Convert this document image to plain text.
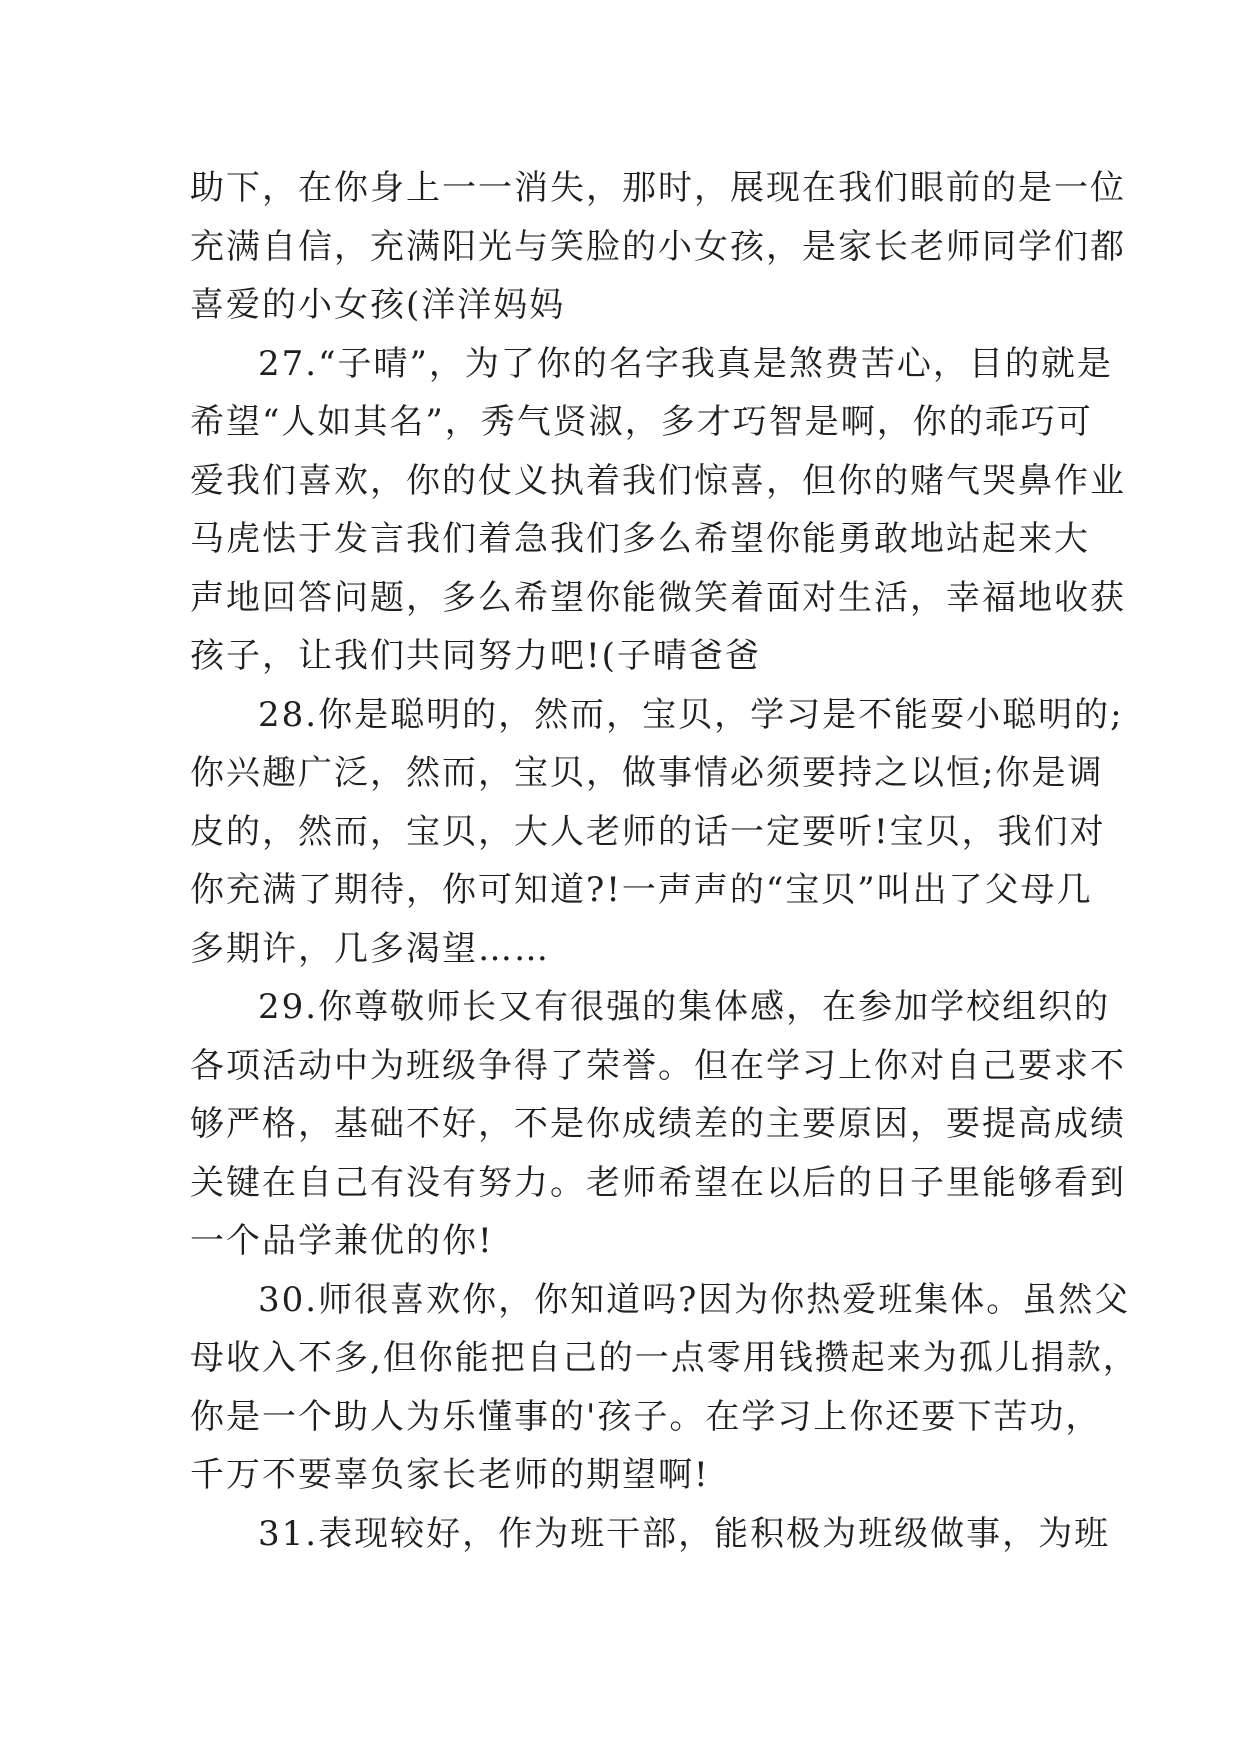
助下，在你身上一一消失，那时，展现在我们眼前的是一位
充满自信，充满阳光与笑脸的小女孩，是家长老师同学们都
喜爱的小女孩(洋洋妈妈

27.“子晴”，为了你的名字我真是煞费苦心，目的就是
希望“人如其名”，秀气贤淑，多才巧智是啊，你的乖巧可
爱我们喜欢，你的仗义执着我们惊喜，但你的赌气哭鼻作业
马虎怯于发言我们着急我们多么希望你能勇敢地站起来大
声地回答问题，多么希望你能微笑着面对生活，幸福地收获
孩子，让我们共同努力吧!(子晴爸爸

28.你是聪明的，然而，宝贝，学习是不能耍小聪明的;
你兴趣广泛，然而，宝贝，做事情必须要持之以恒;你是调
皮的，然而，宝贝，大人老师的话一定要听!宝贝，我们对
你充满了期待，你可知道?!一声声的“宝贝”叫出了父母几
多期许，几多渴望……

29.你尊敬师长又有很强的集体感，在参加学校组织的
各项活动中为班级争得了荣誉。但在学习上你对自己要求不
够严格，基础不好，不是你成绩差的主要原因，要提高成绩
关键在自己有没有努力。老师希望在以后的日子里能够看到
一个品学兼优的你!

30.师很喜欢你，你知道吗?因为你热爱班集体。虽然父
母收入不多,但你能把自己的一点零用钱攒起来为孤儿捐款，
你是一个助人为乐懂事的'孩子。在学习上你还要下苦功，
千万不要辜负家长老师的期望啊!

31.表现较好，作为班干部，能积极为班级做事，为班
